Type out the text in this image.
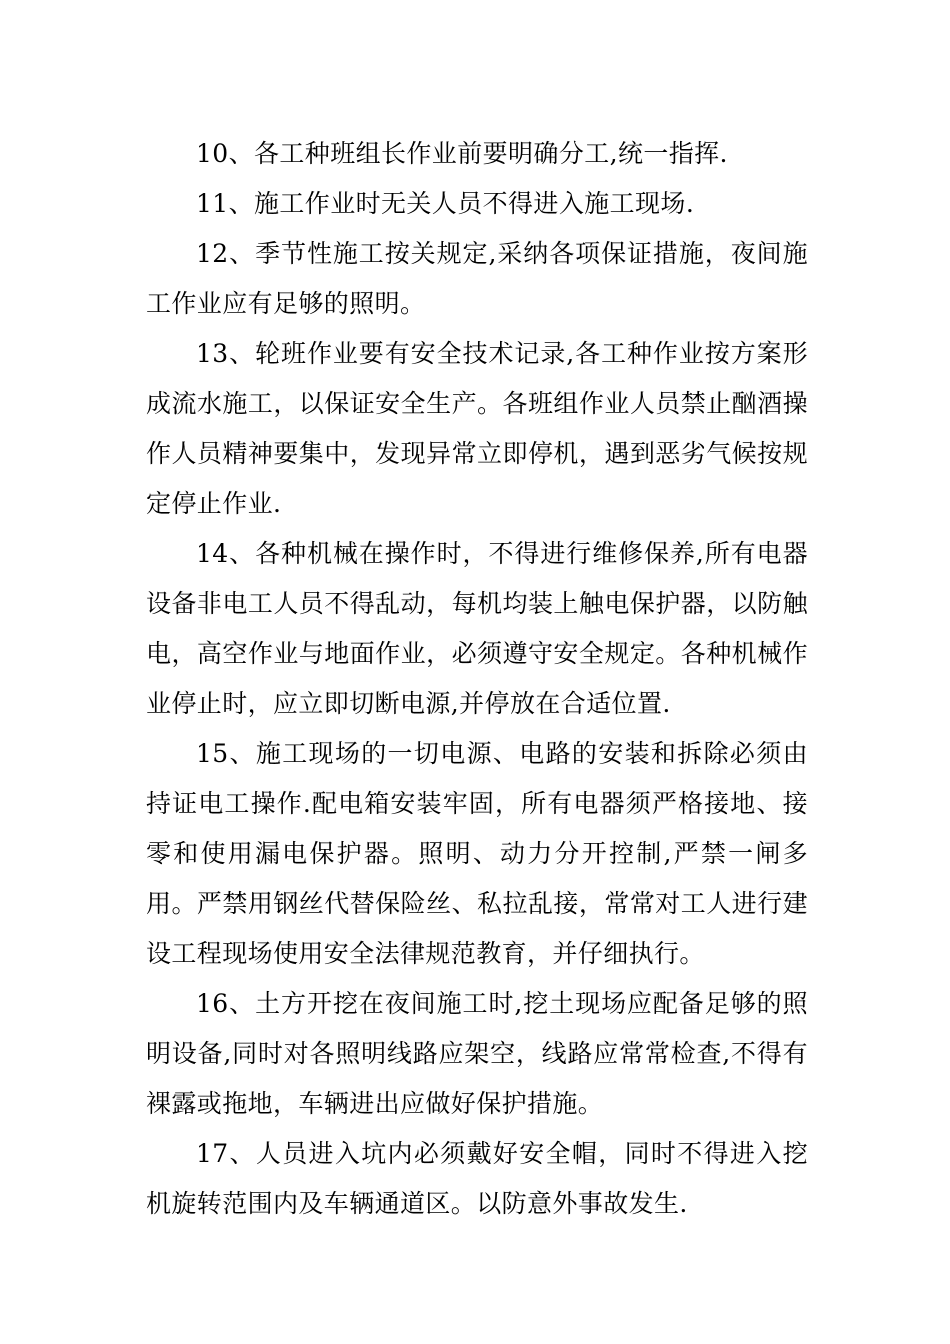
10、各工种班组长作业前要明确分工,统一指挥.

11、施工作业时无关人员不得进入施工现场.

12、季节性施工按关规定,采纳各项保证措施，夜间施工作业应有足够的照明。

13、轮班作业要有安全技术记录,各工种作业按方案形成流水施工，以保证安全生产。各班组作业人员禁止酗酒操作人员精神要集中，发现异常立即停机，遇到恶劣气候按规定停止作业.

14、各种机械在操作时，不得进行维修保养,所有电器设备非电工人员不得乱动，每机均装上触电保护器，以防触电，高空作业与地面作业，必须遵守安全规定。各种机械作业停止时，应立即切断电源,并停放在合适位置.

15、施工现场的一切电源、电路的安装和拆除必须由持证电工操作.配电箱安装牢固，所有电器须严格接地、接零和使用漏电保护器。照明、动力分开控制,严禁一闸多用。严禁用钢丝代替保险丝、私拉乱接，常常对工人进行建设工程现场使用安全法律规范教育，并仔细执行。

16、土方开挖在夜间施工时,挖土现场应配备足够的照明设备,同时对各照明线路应架空，线路应常常检查,不得有裸露或拖地，车辆进出应做好保护措施。

17、人员进入坑内必须戴好安全帽，同时不得进入挖机旋转范围内及车辆通道区。以防意外事故发生.
